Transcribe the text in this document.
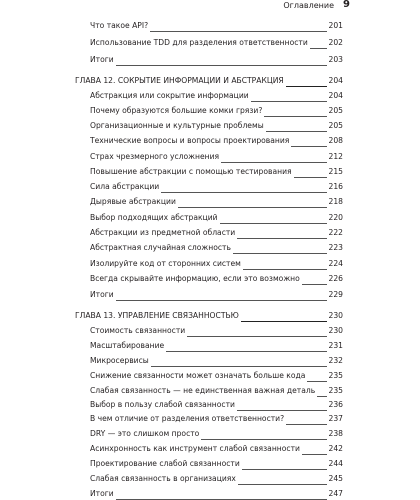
Оглавление 9
Что такое API?	201
Использование TDD для разделения ответственности	202
Итоги	203
ГЛАВА 12. СОКРЫТИЕ ИНФОРМАЦИИ И АБСТРАКЦИЯ	204
Абстракция или сокрытие информации	204
Почему образуются большие комки грязи?	205
Организационные и культурные проблемы	205
Технические вопросы и вопросы проектирования	208
Страх чрезмерного усложнения	212
Повышение абстракции с помощью тестирования	215
Сила абстракции	216
Дырявые абстракции	218
Выбор подходящих абстракций	220
Абстракции из предметной области	222
Абстрактная случайная сложность	223
Изолируйте код от сторонних систем	224
Всегда скрывайте информацию, если это возможно	226
Итоги	229
ГЛАВА 13. УПРАВЛЕНИЕ СВЯЗАННОСТЬЮ	230
Стоимость связанности	230
Масштабирование	231
Микросервисы	232
Снижение связанности может означать больше кода	235
Слабая связанность — не единственная важная деталь 235
Выбор в пользу слабой связанности	236
В чем отличие от разделения ответственности?	237
DRY — это слишком просто	238
Асинхронность как инструмент слабой связанности	242
Проектирование слабой связанности	244
Слабая связанность в организациях	245
Итоги	247
